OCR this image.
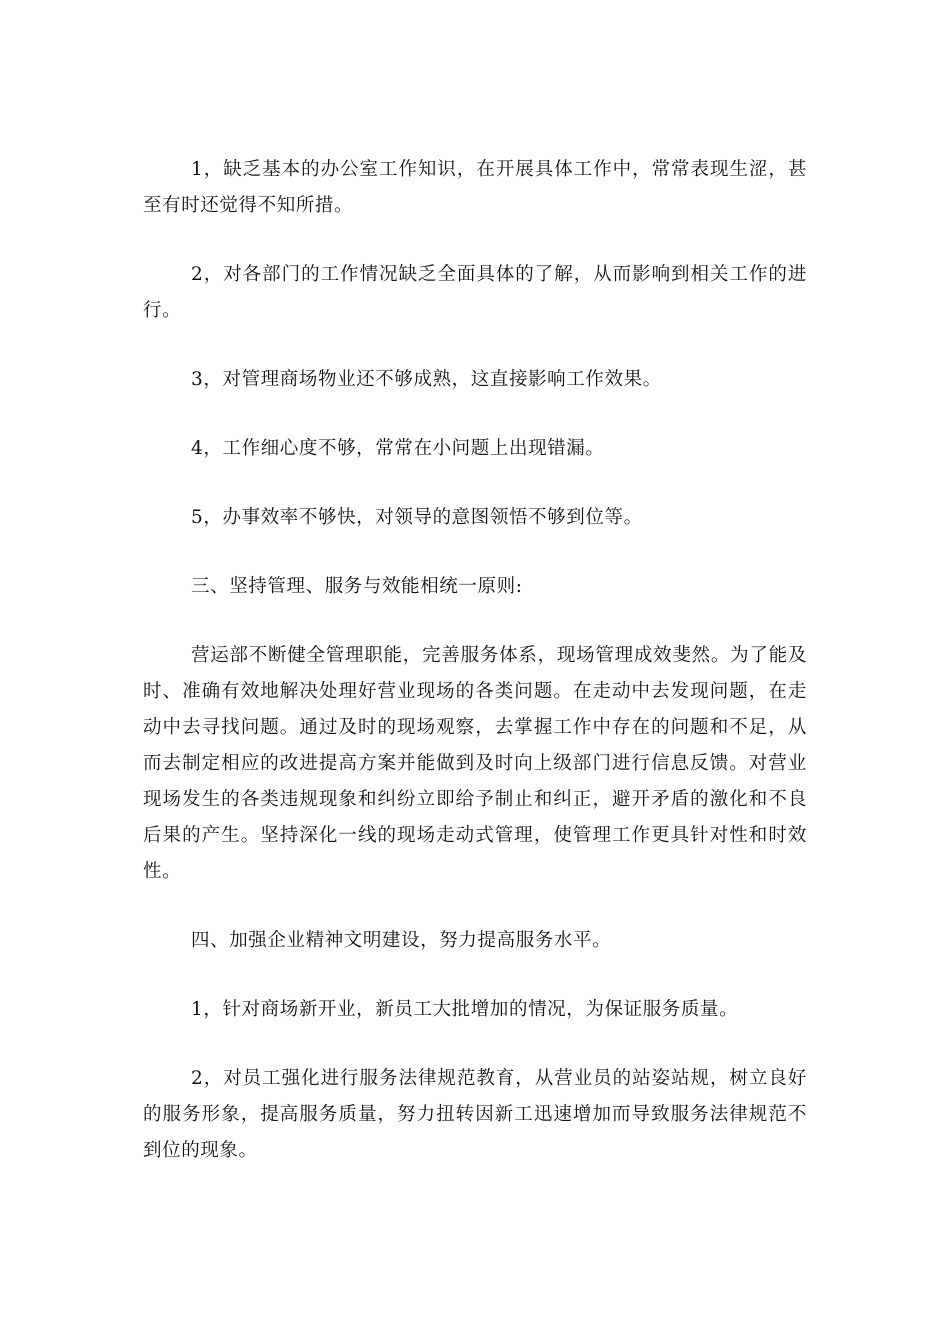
1，缺乏基本的办公室工作知识，在开展具体工作中，常常表现生涩，甚至有时还觉得不知所措。

2，对各部门的工作情况缺乏全面具体的了解，从而影响到相关工作的进行。

3，对管理商场物业还不够成熟，这直接影响工作效果。

4，工作细心度不够，常常在小问题上出现错漏。

5，办事效率不够快，对领导的意图领悟不够到位等。

三、坚持管理、服务与效能相统一原则:

营运部不断健全管理职能，完善服务体系，现场管理成效斐然。为了能及时、准确有效地解决处理好营业现场的各类问题。在走动中去发现问题，在走动中去寻找问题。通过及时的现场观察，去掌握工作中存在的问题和不足，从而去制定相应的改进提高方案并能做到及时向上级部门进行信息反馈。对营业现场发生的各类违规现象和纠纷立即给予制止和纠正，避开矛盾的激化和不良后果的产生。坚持深化一线的现场走动式管理，使管理工作更具针对性和时效性。

四、加强企业精神文明建设，努力提高服务水平。

1，针对商场新开业，新员工大批增加的情况，为保证服务质量。

2，对员工强化进行服务法律规范教育，从营业员的站姿站规，树立良好的服务形象，提高服务质量，努力扭转因新工迅速增加而导致服务法律规范不到位的现象。
